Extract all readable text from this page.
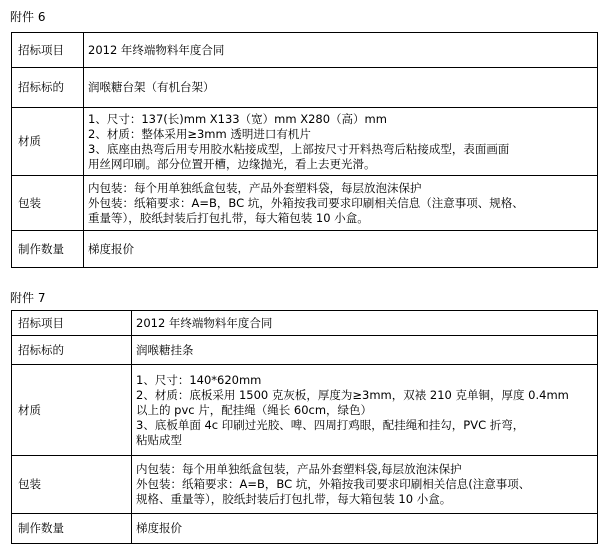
附件 6
招标项目	2012 年终端物料年度合同

招标标的	润喉糖台架（有机台架）

材质	1、尺寸：137(长)mm X133（宽）mm X280（高）mm
2、材质：整体采用≥3mm 透明进口有机片
3、底座由热弯后用专用胶水粘接成型，上部按尺寸开料热弯后粘接成型，表面画面
用丝网印刷。部分位置开槽，边缘抛光，看上去更光滑。

包装	内包装：每个用单独纸盒包装，产品外套塑料袋，每层放泡沫保护
外包装：纸箱要求：A=B，BC 坑，外箱按我司要求印刷相关信息（注意事项、规格、
重量等），胶纸封装后打包扎带，每大箱包装 10 小盒。

制作数量	梯度报价
附件 7
招标项目	2012 年终端物料年度合同

招标标的	润喉糖挂条

材质	1、尺寸：140*620mm
2、材质：底板采用 1500 克灰板，厚度为≥3mm，双裱 210 克单铜，厚度 0.4mm
以上的 pvc 片，配挂绳（绳长 60cm，绿色）
3、底板单面 4c 印刷过光胶、啤、四周打鸡眼，配挂绳和挂勾，PVC 折弯，
粘贴成型

包装	内包装：每个用单独纸盒包装，产品外套塑料袋,每层放泡沫保护
外包装：纸箱要求：A=B，BC 坑，外箱按我司要求印刷相关信息(注意事项、
规格、重量等），胶纸封装后打包扎带，每大箱包装 10 小盒。

制作数量	梯度报价
